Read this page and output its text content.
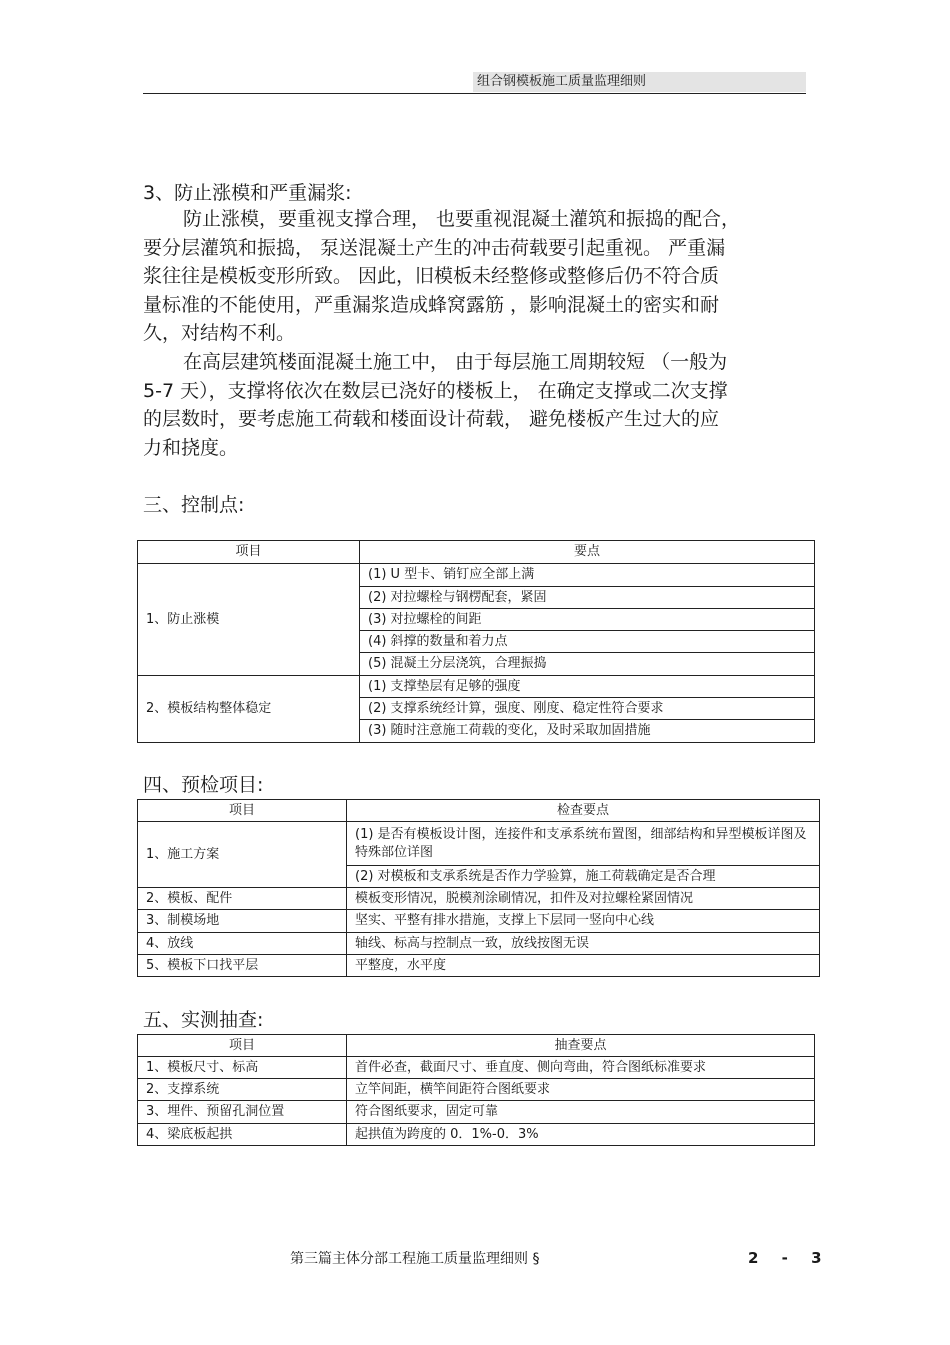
组合钢模板施工质量监理细则
3、防止涨模和严重漏浆:
防止涨模，要重视支撑合理， 也要重视混凝土灌筑和振捣的配合，
要分层灌筑和振捣， 泵送混凝土产生的冲击荷载要引起重视。 严重漏
浆往往是模板变形所致。 因此，旧模板未经整修或整修后仍不符合质
量标准的不能使用，严重漏浆造成蜂窝露筋 ，影响混凝土的密实和耐
久，对结构不利。
在高层建筑楼面混凝土施工中， 由于每层施工周期较短 （一般为
5-7 天），支撑将依次在数层已浇好的楼板上， 在确定支撑或二次支撑
的层数时，要考虑施工荷载和楼面设计荷载， 避免楼板产生过大的应
力和挠度。
三、控制点:
项目	要点
1、防止涨模	(1) U 型卡、销钉应全部上满
	(2) 对拉螺栓与钢楞配套，紧固
	(3) 对拉螺栓的间距
	(4) 斜撑的数量和着力点
	(5) 混凝土分层浇筑，合理振捣
2、模板结构整体稳定	(1) 支撑垫层有足够的强度
	(2) 支撑系统经计算，强度、刚度、稳定性符合要求
	(3) 随时注意施工荷载的变化，及时采取加固措施
四、预检项目:
项目	检查要点
1、施工方案	(1) 是否有模板设计图，连接件和支承系统布置图，细部结构和异型模板详图及特殊部位详图
	(2) 对模板和支承系统是否作力学验算，施工荷载确定是否合理
2、模板、配件	模板变形情况，脱模剂涂刷情况，扣件及对拉螺栓紧固情况
3、制模场地	坚实、平整有排水措施，支撑上下层同一竖向中心线
4、放线	轴线、标高与控制点一致，放线按图无误
5、模板下口找平层	平整度，水平度
五、实测抽查:
项目	抽查要点
1、模板尺寸、标高	首件必查，截面尺寸、垂直度、侧向弯曲，符合图纸标准要求
2、支撑系统	立竿间距，横竿间距符合图纸要求
3、埋件、预留孔洞位置	符合图纸要求，固定可靠
4、梁底板起拱	起拱值为跨度的 0．1%-0．3%
第三篇主体分部工程施工质量监理细则 §	2 - 3
